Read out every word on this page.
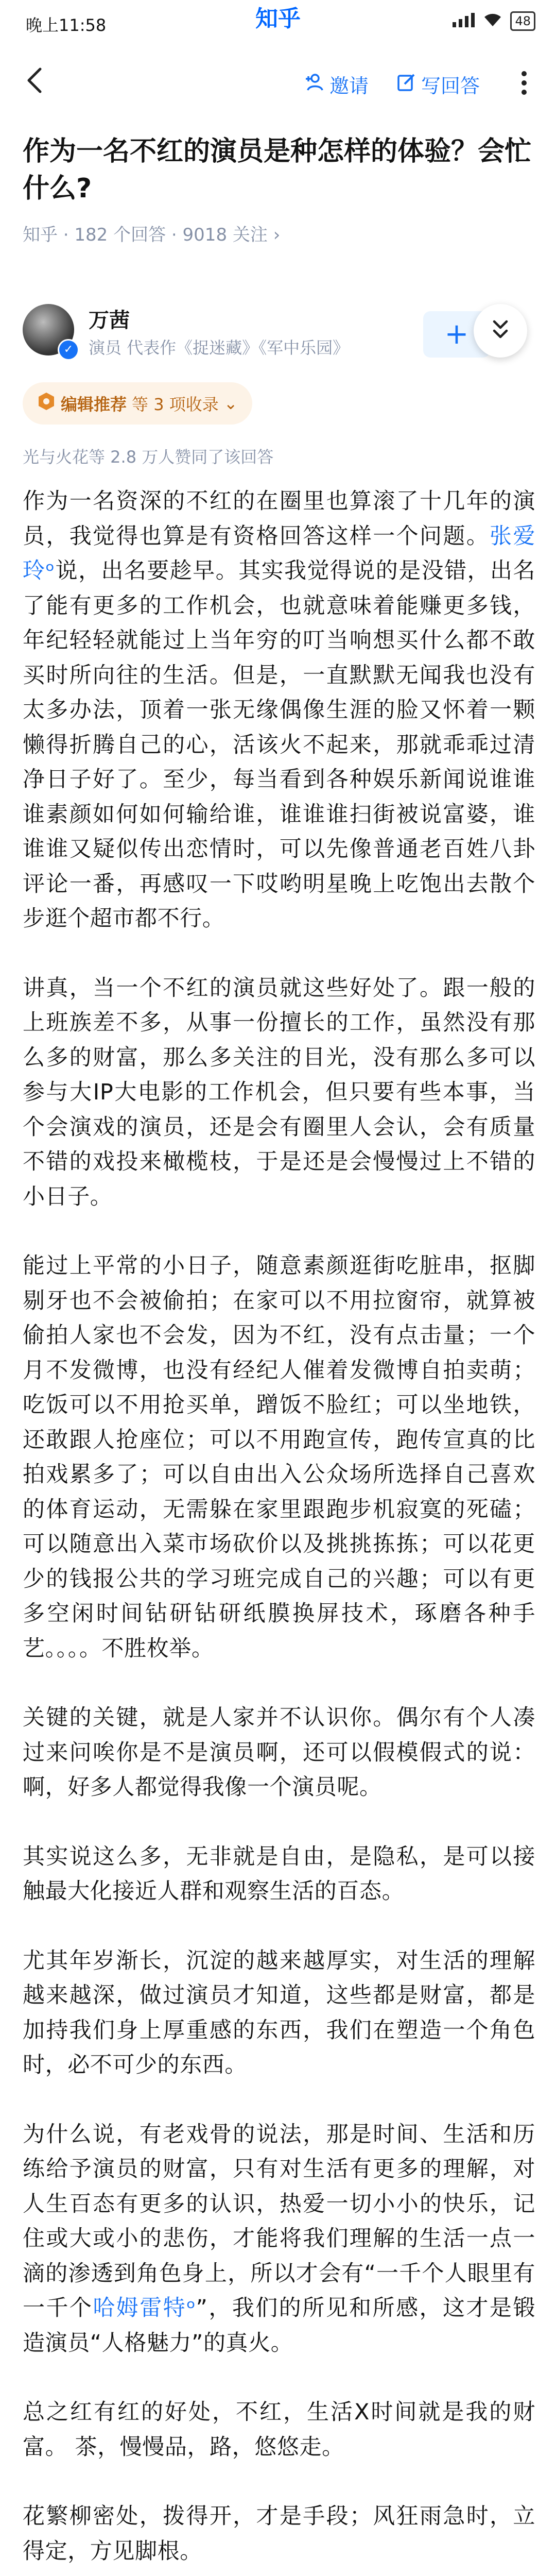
晚上11:58	知乎	48
邀请	写回答
作为一名不红的演员是种怎样的体验？会忙什么?
知乎 · 182 个回答 · 9018 关注 ›
✓
万茜
演员 代表作《捉迷藏》《军中乐园》	+
编辑推荐 等 3 项收录 ⌄
光与火花等 2.8 万人赞同了该回答

作为一名资深的不红的在圈里也算滚了十几年的演员，我觉得也算是有资格回答这样一个问题。张爱玲ᵒ说，出名要趁早。其实我觉得说的是没错，出名了能有更多的工作机会，也就意味着能赚更多钱，年纪轻轻就能过上当年穷的叮当响想买什么都不敢买时所向往的生活。但是，一直默默无闻我也没有太多办法，顶着一张无缘偶像生涯的脸又怀着一颗懒得折腾自己的心，活该火不起来，那就乖乖过清净日子好了。至少，每当看到各种娱乐新闻说谁谁谁素颜如何如何输给谁，谁谁谁扫街被说富婆，谁谁谁又疑似传出恋情时，可以先像普通老百姓八卦评论一番，再感叹一下哎哟明星晚上吃饱出去散个步逛个超市都不行。

讲真，当一个不红的演员就这些好处了。跟一般的上班族差不多，从事一份擅长的工作，虽然没有那么多的财富，那么多关注的目光，没有那么多可以参与大IP大电影的工作机会，但只要有些本事，当个会演戏的演员，还是会有圈里人会认，会有质量不错的戏投来橄榄枝，于是还是会慢慢过上不错的小日子。

能过上平常的小日子，随意素颜逛街吃脏串，抠脚剔牙也不会被偷拍；在家可以不用拉窗帘，就算被偷拍人家也不会发，因为不红，没有点击量；一个月不发微博，也没有经纪人催着发微博自拍卖萌；吃饭可以不用抢买单，蹭饭不脸红；可以坐地铁，还敢跟人抢座位；可以不用跑宣传，跑传宣真的比拍戏累多了；可以自由出入公众场所选择自己喜欢的体育运动，无需躲在家里跟跑步机寂寞的死磕；可以随意出入菜市场砍价以及挑挑拣拣；可以花更少的钱报公共的学习班完成自己的兴趣；可以有更多空闲时间钻研钻研纸膜换屏技术，琢磨各种手艺。。。。不胜枚举。

关键的关键，就是人家并不认识你。偶尔有个人凑过来问唉你是不是演员啊，还可以假模假式的说：啊，好多人都觉得我像一个演员呢。

其实说这么多，无非就是自由，是隐私，是可以接触最大化接近人群和观察生活的百态。

尤其年岁渐长，沉淀的越来越厚实，对生活的理解越来越深，做过演员才知道，这些都是财富，都是加持我们身上厚重感的东西，我们在塑造一个角色时，必不可少的东西。

为什么说，有老戏骨的说法，那是时间、生活和历练给予演员的财富，只有对生活有更多的理解，对人生百态有更多的认识，热爱一切小小的快乐，记住或大或小的悲伤，才能将我们理解的生活一点一滴的渗透到角色身上，所以才会有“一千个人眼里有一千个哈姆雷特ᵒ”，我们的所见和所感，这才是锻造演员“人格魅力”的真火。

总之红有红的好处，不红，生活X时间就是我的财富。 茶，慢慢品，路，悠悠走。

花繁柳密处，拨得开，才是手段；风狂雨急时，立得定，方见脚根。
